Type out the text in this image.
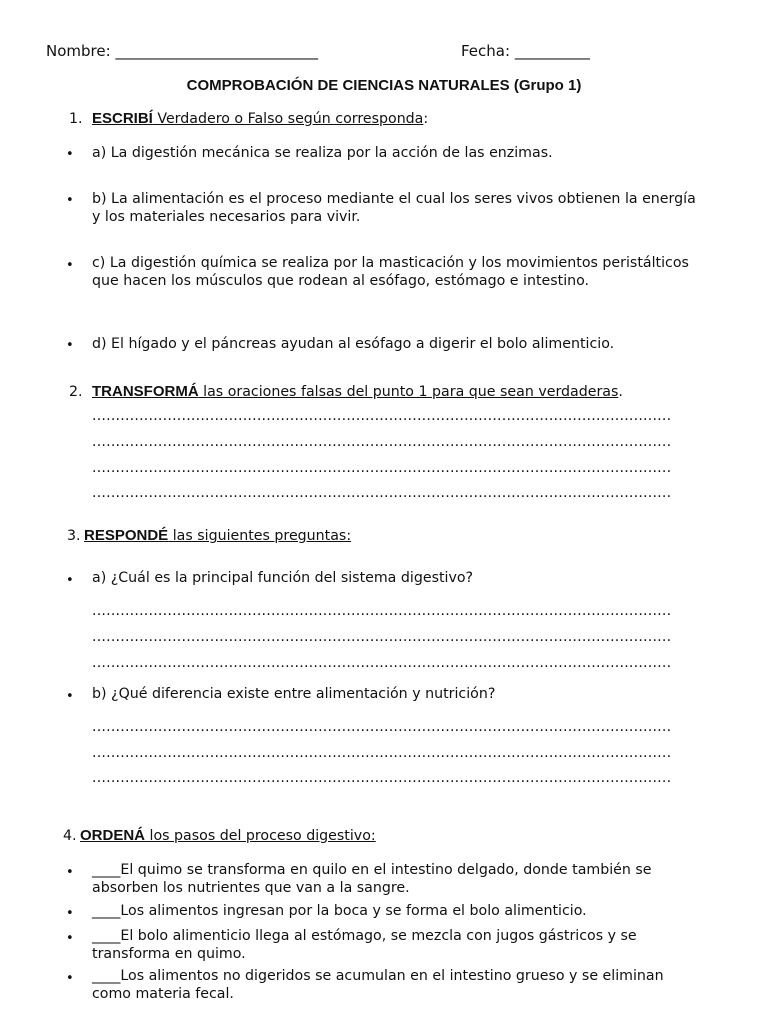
Nombre: ___________________________	Fecha: __________
COMPROBACIÓN DE CIENCIAS NATURALES (Grupo 1)
1. ESCRIBÍ Verdadero o Falso según corresponda:
• a) La digestión mecánica se realiza por la acción de las enzimas.
• b) La alimentación es el proceso mediante el cual los seres vivos obtienen la energía y los materiales necesarios para vivir.
• c) La digestión química se realiza por la masticación y los movimientos peristálticos que hacen los músculos que rodean al esófago, estómago e intestino.
• d) El hígado y el páncreas ayudan al esófago a digerir el bolo alimenticio.
2. TRANSFORMÁ las oraciones falsas del punto 1 para que sean verdaderas.
...........................................................................................................................
...........................................................................................................................
...........................................................................................................................
...........................................................................................................................
3. RESPONDÉ las siguientes preguntas:
• a) ¿Cuál es la principal función del sistema digestivo?
...........................................................................................................................
...........................................................................................................................
...........................................................................................................................
• b) ¿Qué diferencia existe entre alimentación y nutrición?
...........................................................................................................................
...........................................................................................................................
...........................................................................................................................
4. ORDENÁ los pasos del proceso digestivo:
• ____El quimo se transforma en quilo en el intestino delgado, donde también se absorben los nutrientes que van a la sangre.
• ____Los alimentos ingresan por la boca y se forma el bolo alimenticio.
• ____El bolo alimenticio llega al estómago, se mezcla con jugos gástricos y se transforma en quimo.
• ____Los alimentos no digeridos se acumulan en el intestino grueso y se eliminan como materia fecal.
